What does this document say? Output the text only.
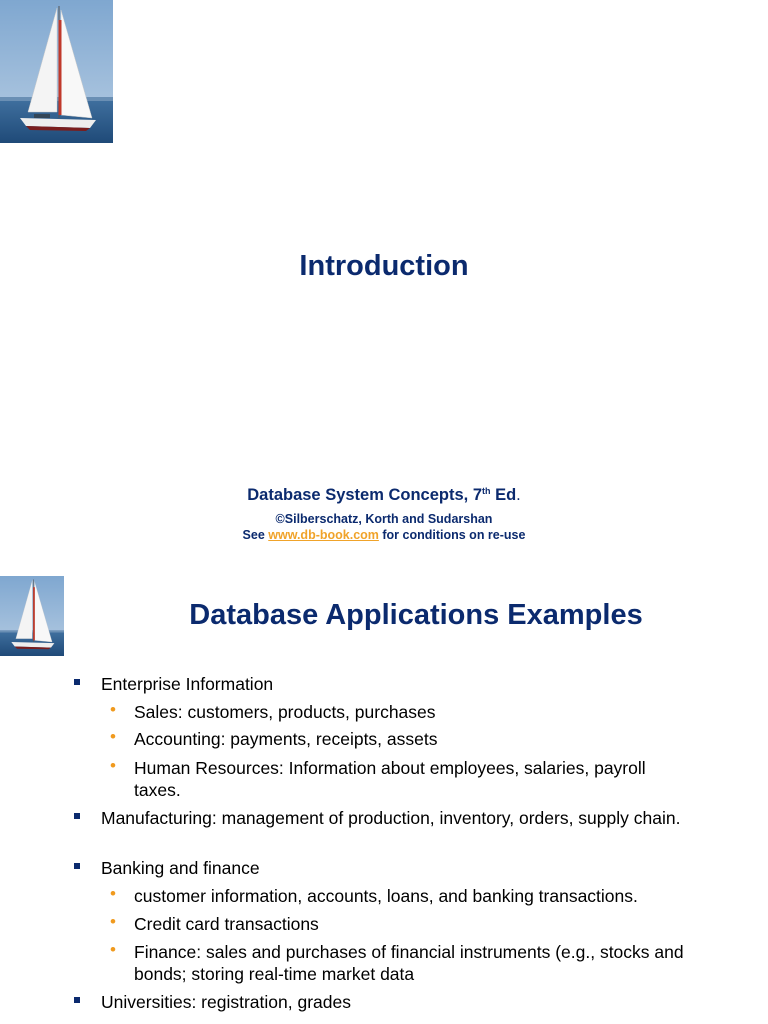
Introduction
Database System Concepts, 7th Ed.
©Silberschatz, Korth and Sudarshan
See www.db-book.com for conditions on re-use
Database Applications Examples
Enterprise Information
• Sales: customers, products, purchases
• Accounting: payments, receipts, assets
• Human Resources: Information about employees, salaries, payroll taxes.
Manufacturing: management of production, inventory, orders, supply chain.
Banking and finance
• customer information, accounts, loans, and banking transactions.
• Credit card transactions
• Finance: sales and purchases of financial instruments (e.g., stocks and bonds; storing real-time market data
Universities: registration, grades
